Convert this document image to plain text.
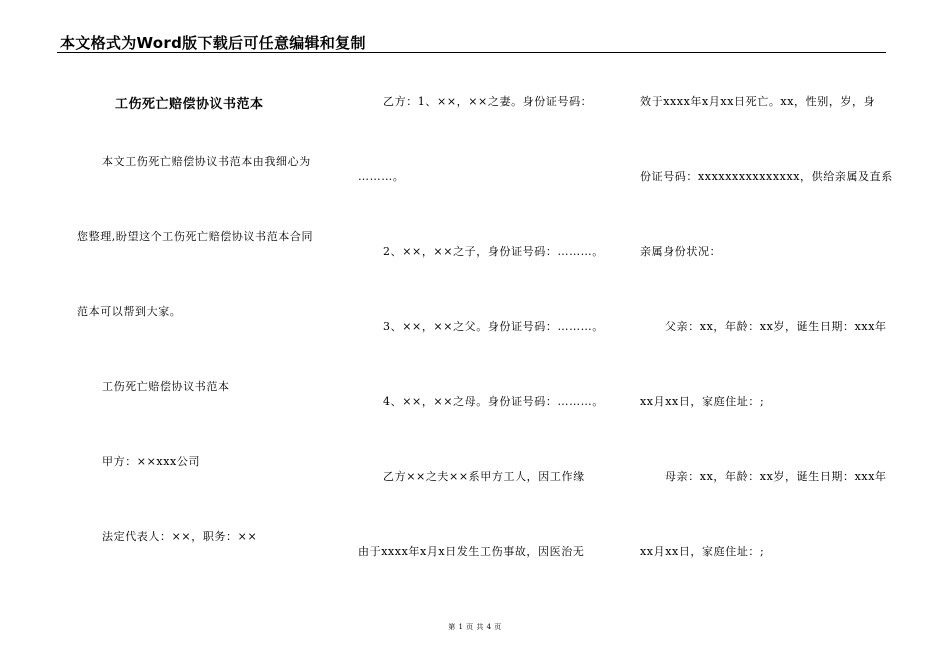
本文格式为Word版下载后可任意编辑和复制
工伤死亡赔偿协议书范本
本文工伤死亡赔偿协议书范本由我细心为
您整理,盼望这个工伤死亡赔偿协议书范本合同
范本可以帮到大家。
工伤死亡赔偿协议书范本
甲方：××xxx公司
法定代表人：××，职务：××
乙方：1、××，××之妻。身份证号码：
………。
2、××，××之子，身份证号码：………。
3、××，××之父。身份证号码：………。
4、××，××之母。身份证号码：………。
乙方××之夫××系甲方工人，因工作缘
由于xxxx年x月x日发生工伤事故，因医治无
效于xxxx年x月xx日死亡。xx，性别，岁，身
份证号码：xxxxxxxxxxxxxxx，供给亲属及直系
亲属身份状况：
父亲：xx，年龄：xx岁，诞生日期：xxx年
xx月xx日，家庭住址：;
母亲：xx，年龄：xx岁，诞生日期：xxx年
xx月xx日，家庭住址：;
第 1 页 共 4 页
